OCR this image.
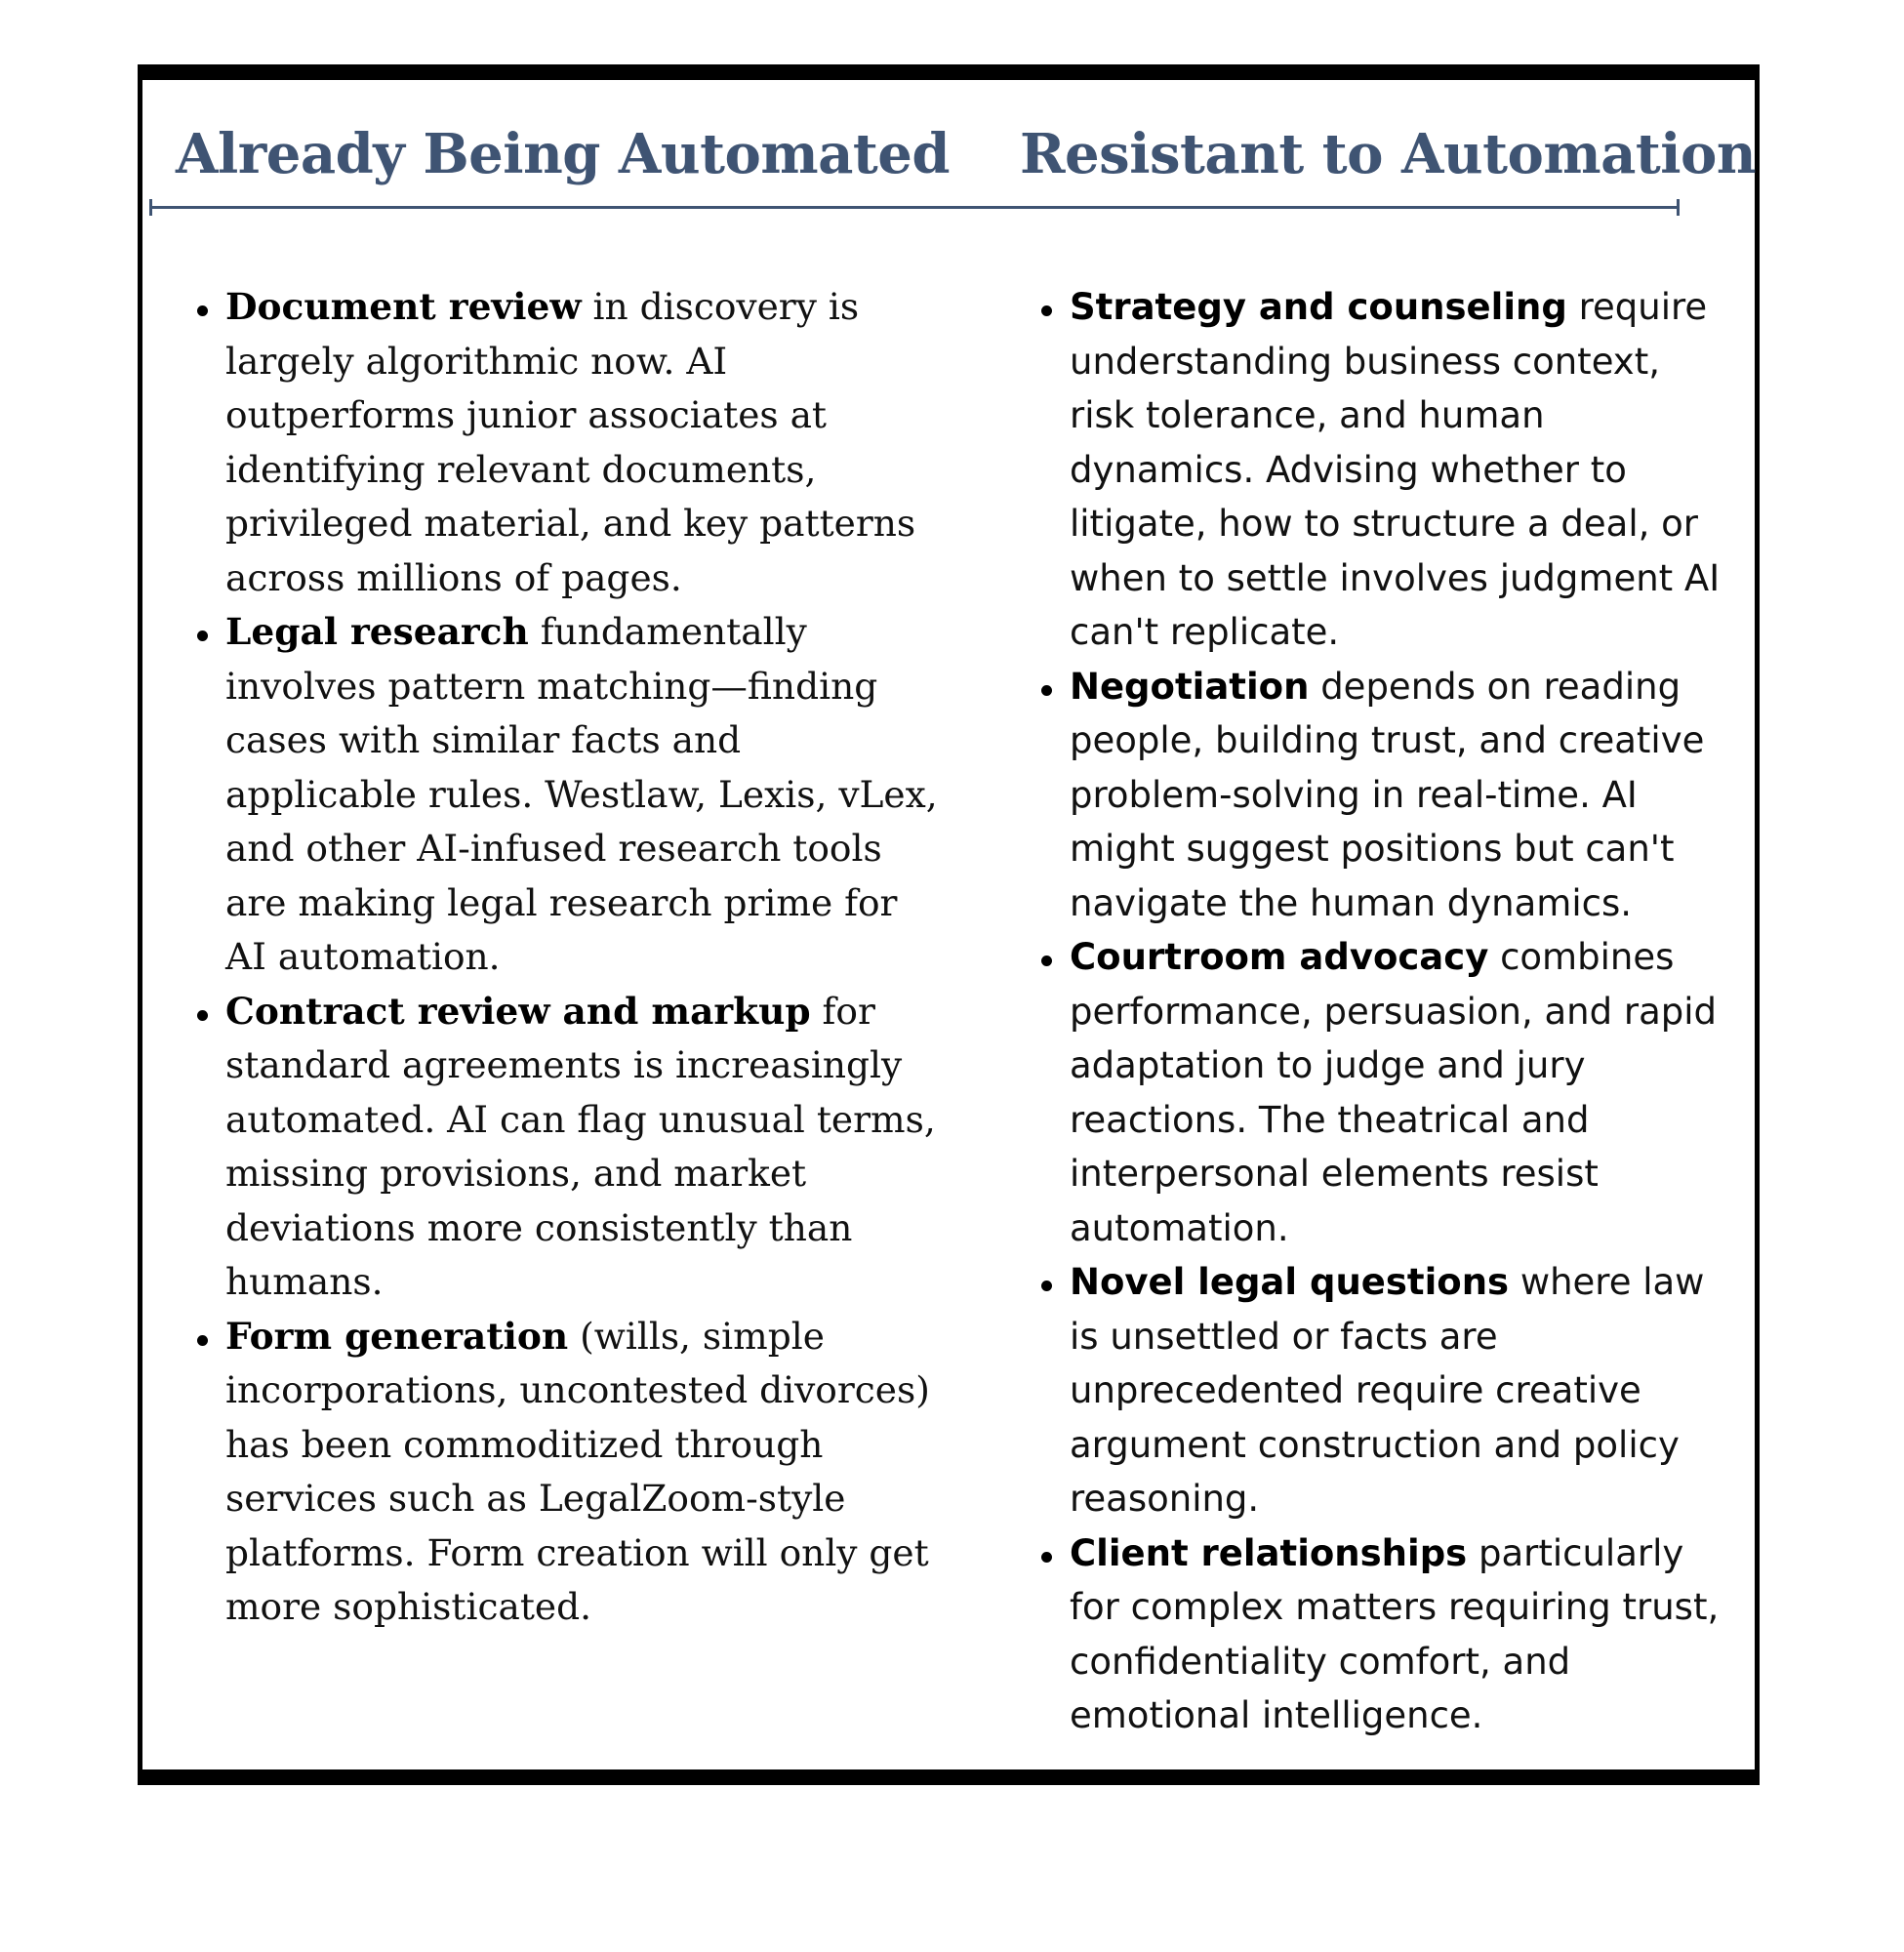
Already Being Automated Resistant to Automation
Document review in discovery is largely algorithmic now. AI outperforms junior associates at identifying relevant documents, privileged material, and key patterns across millions of pages.
Legal research fundamentally involves pattern matching—finding cases with similar facts and applicable rules. Westlaw, Lexis, vLex, and other AI-infused research tools are making legal research prime for AI automation.
Contract review and markup for standard agreements is increasingly automated. AI can flag unusual terms, missing provisions, and market deviations more consistently than humans.
Form generation (wills, simple incorporations, uncontested divorces) has been commoditized through services such as LegalZoom-style platforms. Form creation will only get more sophisticated.
Strategy and counseling require understanding business context, risk tolerance, and human dynamics. Advising whether to litigate, how to structure a deal, or when to settle involves judgment AI can't replicate.
Negotiation depends on reading people, building trust, and creative problem-solving in real-time. AI might suggest positions but can't navigate the human dynamics.
Courtroom advocacy combines performance, persuasion, and rapid adaptation to judge and jury reactions. The theatrical and interpersonal elements resist automation.
Novel legal questions where law is unsettled or facts are unprecedented require creative argument construction and policy reasoning.
Client relationships particularly for complex matters requiring trust, confidentiality comfort, and emotional intelligence.
